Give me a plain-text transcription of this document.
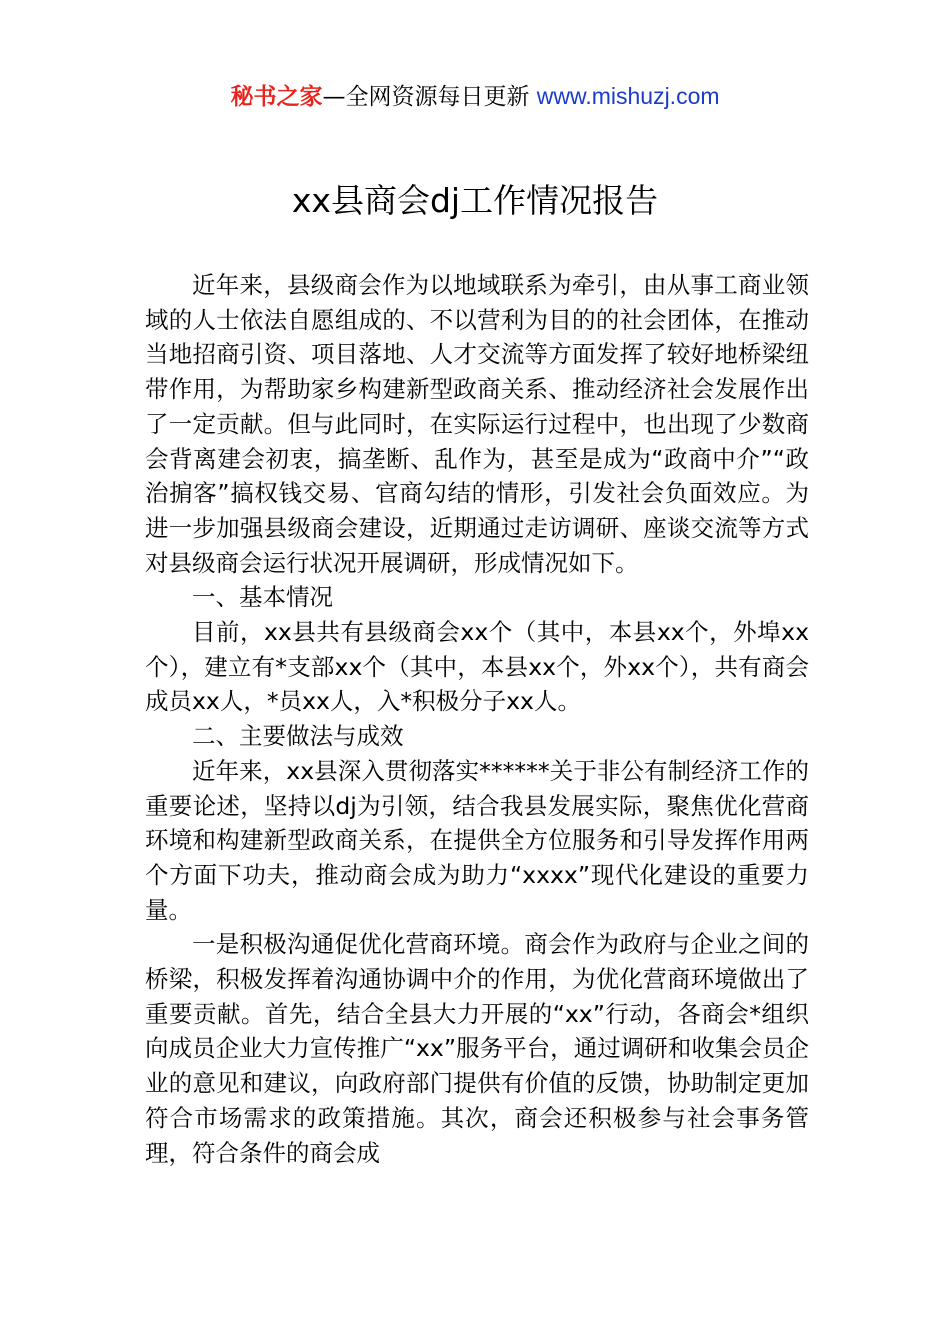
秘书之家—全网资源每日更新 www.mishuzj.com
xx县商会dj工作情况报告

近年来，县级商会作为以地域联系为牵引，由从事工商业领域的人士依法自愿组成的、不以营利为目的的社会团体，在推动当地招商引资、项目落地、人才交流等方面发挥了较好地桥梁纽带作用，为帮助家乡构建新型政商关系、推动经济社会发展作出了一定贡献。但与此同时，在实际运行过程中，也出现了少数商会背离建会初衷，搞垄断、乱作为，甚至是成为“政商中介”“政治掮客”搞权钱交易、官商勾结的情形，引发社会负面效应。为进一步加强县级商会建设，近期通过走访调研、座谈交流等方式对县级商会运行状况开展调研，形成情况如下。

一、基本情况

目前，xx县共有县级商会xx个（其中，本县xx个，外埠xx个），建立有*支部xx个（其中，本县xx个，外xx个），共有商会成员xx人，*员xx人，入*积极分子xx人。

二、主要做法与成效

近年来，xx县深入贯彻落实******关于非公有制经济工作的重要论述，坚持以dj为引领，结合我县发展实际，聚焦优化营商环境和构建新型政商关系，在提供全方位服务和引导发挥作用两个方面下功夫，推动商会成为助力“xxxx”现代化建设的重要力量。

一是积极沟通促优化营商环境。商会作为政府与企业之间的桥梁，积极发挥着沟通协调中介的作用，为优化营商环境做出了重要贡献。首先，结合全县大力开展的“xx”行动，各商会*组织向成员企业大力宣传推广“xx”服务平台，通过调研和收集会员企业的意见和建议，向政府部门提供有价值的反馈，协助制定更加符合市场需求的政策措施。其次，商会还积极参与社会事务管理，符合条件的商会成
